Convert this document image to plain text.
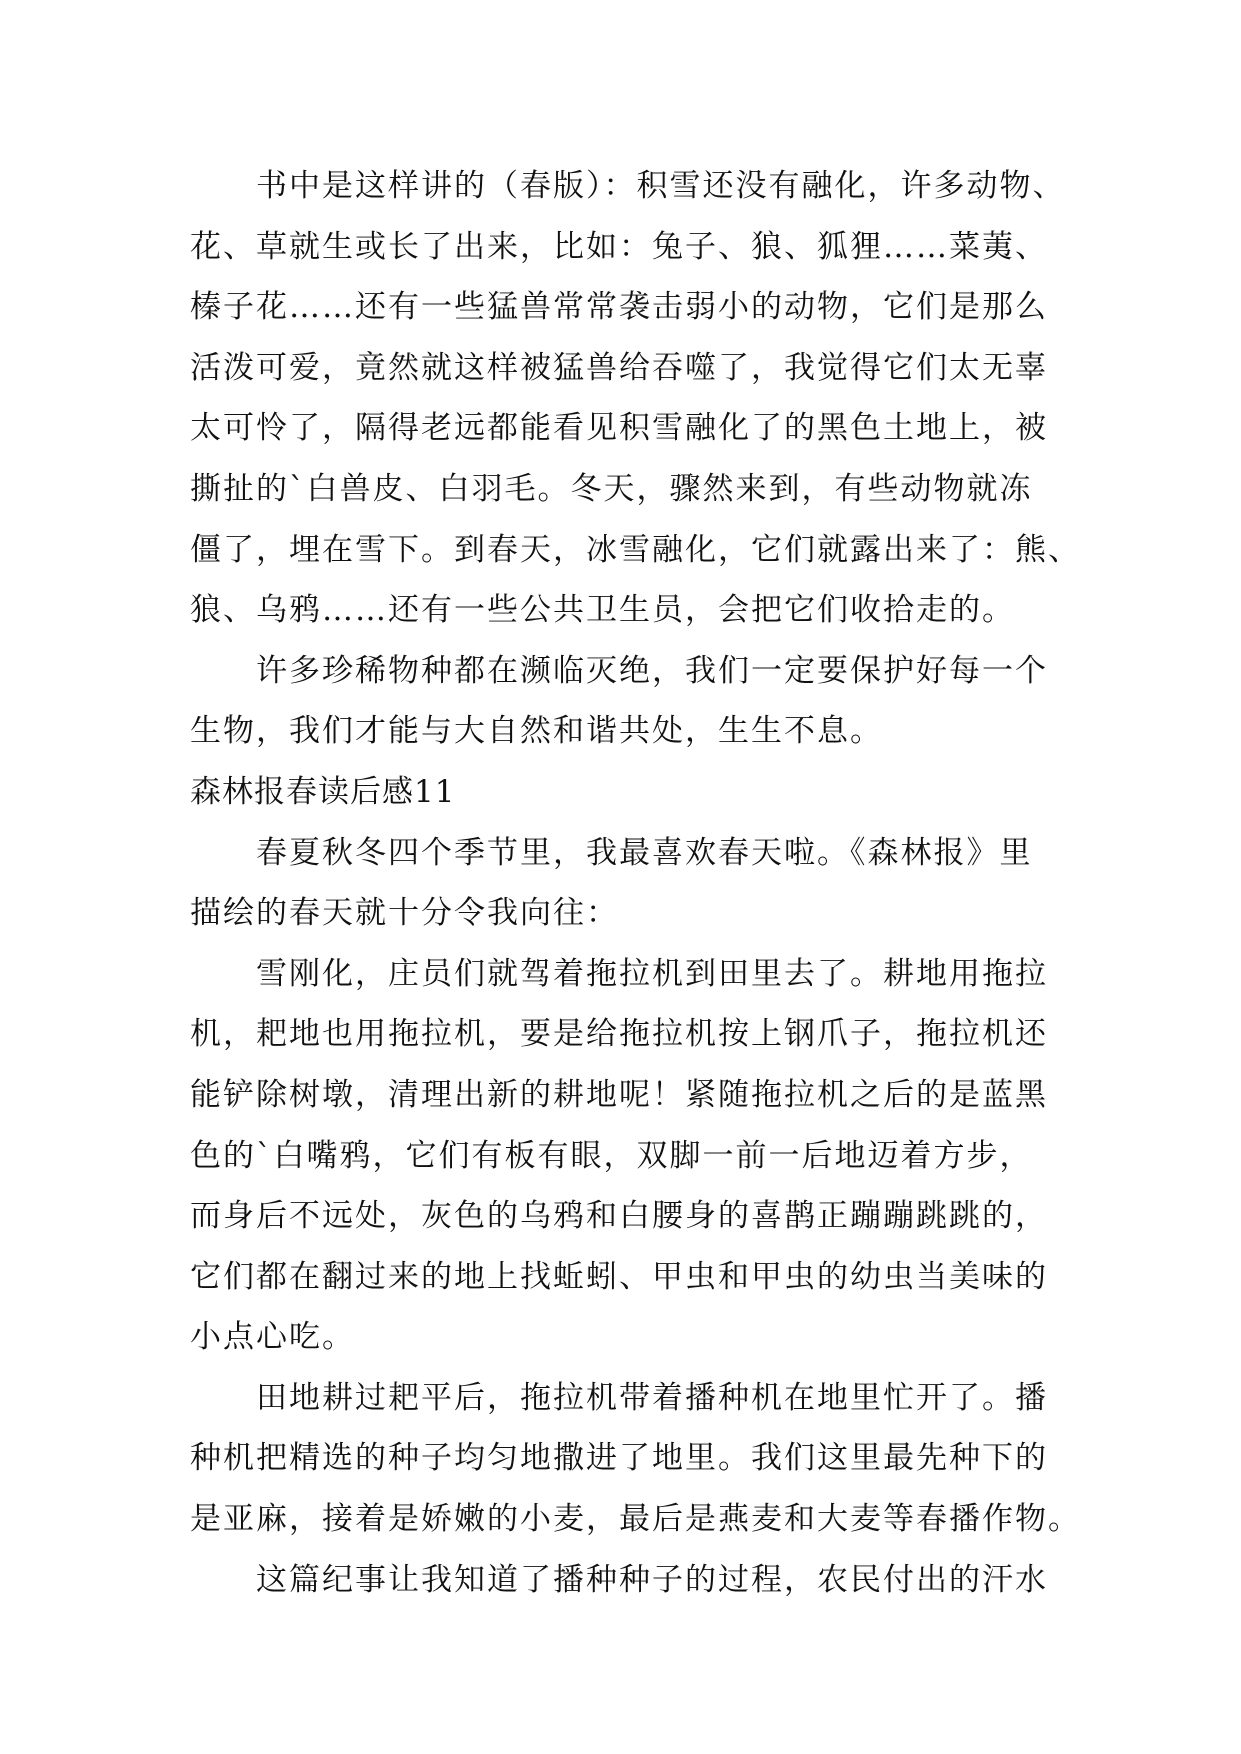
书中是这样讲的（春版）：积雪还没有融化，许多动物、
花、草就生或长了出来，比如：兔子、狼、狐狸……菜荑、
榛子花……还有一些猛兽常常袭击弱小的动物，它们是那么
活泼可爱，竟然就这样被猛兽给吞噬了，我觉得它们太无辜
太可怜了，隔得老远都能看见积雪融化了的黑色土地上，被
撕扯的`白兽皮、白羽毛。冬天，骤然来到，有些动物就冻
僵了，埋在雪下。到春天，冰雪融化，它们就露出来了：熊、
狼、乌鸦……还有一些公共卫生员，会把它们收拾走的。
许多珍稀物种都在濒临灭绝，我们一定要保护好每一个
生物，我们才能与大自然和谐共处，生生不息。
森林报春读后感11
春夏秋冬四个季节里，我最喜欢春天啦。《森林报》里
描绘的春天就十分令我向往：
雪刚化，庄员们就驾着拖拉机到田里去了。耕地用拖拉
机，耙地也用拖拉机，要是给拖拉机按上钢爪子，拖拉机还
能铲除树墩，清理出新的耕地呢！紧随拖拉机之后的是蓝黑
色的`白嘴鸦，它们有板有眼，双脚一前一后地迈着方步，
而身后不远处，灰色的乌鸦和白腰身的喜鹊正蹦蹦跳跳的，
它们都在翻过来的地上找蚯蚓、甲虫和甲虫的幼虫当美味的
小点心吃。
田地耕过耙平后，拖拉机带着播种机在地里忙开了。播
种机把精选的种子均匀地撒进了地里。我们这里最先种下的
是亚麻，接着是娇嫩的小麦，最后是燕麦和大麦等春播作物。
这篇纪事让我知道了播种种子的过程，农民付出的汗水
